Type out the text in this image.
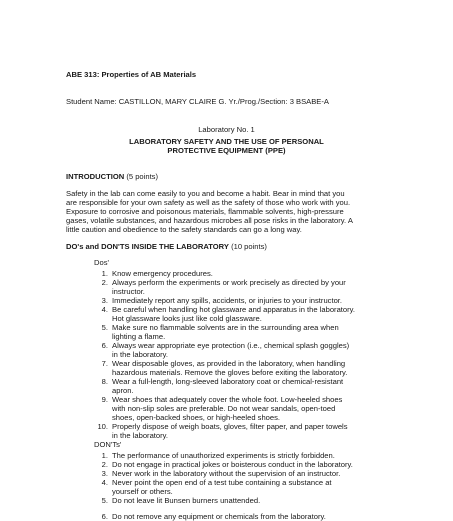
ABE 313: Properties of AB Materials
Student Name: CASTILLON, MARY CLAIRE G. Yr./Prog./Section: 3 BSABE-A
Laboratory No. 1
LABORATORY SAFETY AND THE USE OF PERSONAL
PROTECTIVE EQUIPMENT (PPE)
INTRODUCTION (5 points)
Safety in the lab can come easily to you and become a habit. Bear in mind that you
are responsible for your own safety as well as the safety of those who work with you.
Exposure to corrosive and poisonous materials, flammable solvents, high-pressure
gases, volatile substances, and hazardous microbes all pose risks in the laboratory. A
little caution and obedience to the safety standards can go a long way.
DO's and DON'TS INSIDE THE LABORATORY (10 points)
Dos'
1. Know emergency procedures.
2. Always perform the experiments or work precisely as directed by your
instructor.
3. Immediately report any spills, accidents, or injuries to your instructor.
4. Be careful when handling hot glassware and apparatus in the laboratory.
Hot glassware looks just like cold glassware.
5. Make sure no flammable solvents are in the surrounding area when
lighting a flame.
6. Always wear appropriate eye protection (i.e., chemical splash goggles)
in the laboratory.
7. Wear disposable gloves, as provided in the laboratory, when handling
hazardous materials. Remove the gloves before exiting the laboratory.
8. Wear a full-length, long-sleeved laboratory coat or chemical-resistant
apron.
9. Wear shoes that adequately cover the whole foot. Low-heeled shoes
with non-slip soles are preferable. Do not wear sandals, open-toed
shoes, open-backed shoes, or high-heeled shoes.
10. Properly dispose of weigh boats, gloves, filter paper, and paper towels
in the laboratory.
DON'Ts'
1. The performance of unauthorized experiments is strictly forbidden.
2. Do not engage in practical jokes or boisterous conduct in the laboratory.
3. Never work in the laboratory without the supervision of an instructor.
4. Never point the open end of a test tube containing a substance at
yourself or others.
5. Do not leave lit Bunsen burners unattended.
6. Do not remove any equipment or chemicals from the laboratory.
